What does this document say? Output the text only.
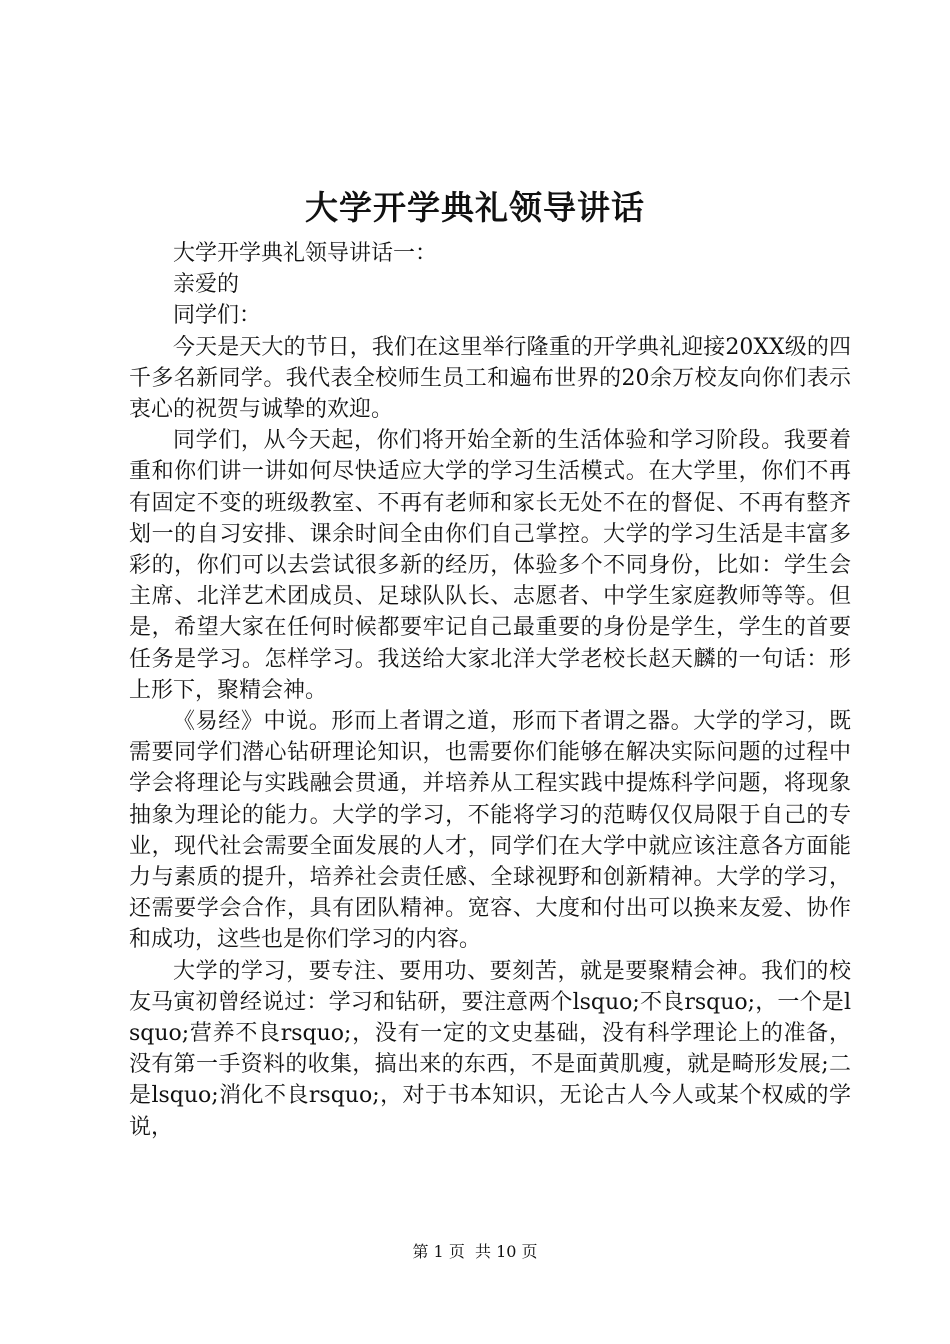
大学开学典礼领导讲话

大学开学典礼领导讲话一：

亲爱的

同学们：

今天是天大的节日，我们在这里举行隆重的开学典礼迎接20XX级的四千多名新同学。我代表全校师生员工和遍布世界的20余万校友向你们表示衷心的祝贺与诚挚的欢迎。

同学们，从今天起，你们将开始全新的生活体验和学习阶段。我要着重和你们讲一讲如何尽快适应大学的学习生活模式。在大学里，你们不再有固定不变的班级教室、不再有老师和家长无处不在的督促、不再有整齐划一的自习安排、课余时间全由你们自己掌控。大学的学习生活是丰富多彩的，你们可以去尝试很多新的经历，体验多个不同身份，比如：学生会主席、北洋艺术团成员、足球队队长、志愿者、中学生家庭教师等等。但是，希望大家在任何时候都要牢记自己最重要的身份是学生，学生的首要任务是学习。怎样学习。我送给大家北洋大学老校长赵天麟的一句话：形上形下，聚精会神。

《易经》中说。形而上者谓之道，形而下者谓之器。大学的学习，既需要同学们潜心钻研理论知识，也需要你们能够在解决实际问题的过程中学会将理论与实践融会贯通，并培养从工程实践中提炼科学问题，将现象抽象为理论的能力。大学的学习，不能将学习的范畴仅仅局限于自己的专业，现代社会需要全面发展的人才，同学们在大学中就应该注意各方面能力与素质的提升，培养社会责任感、全球视野和创新精神。大学的学习，还需要学会合作，具有团队精神。宽容、大度和付出可以换来友爱、协作和成功，这些也是你们学习的内容。

大学的学习，要专注、要用功、要刻苦，就是要聚精会神。我们的校友马寅初曾经说过：学习和钻研，要注意两个lsquo;不良rsquo;，一个是lsquo;营养不良rsquo;，没有一定的文史基础，没有科学理论上的准备，没有第一手资料的收集，搞出来的东西，不是面黄肌瘦，就是畸形发展;二是lsquo;消化不良rsquo;，对于书本知识，无论古人今人或某个权威的学说，

第 1 页  共 10 页
